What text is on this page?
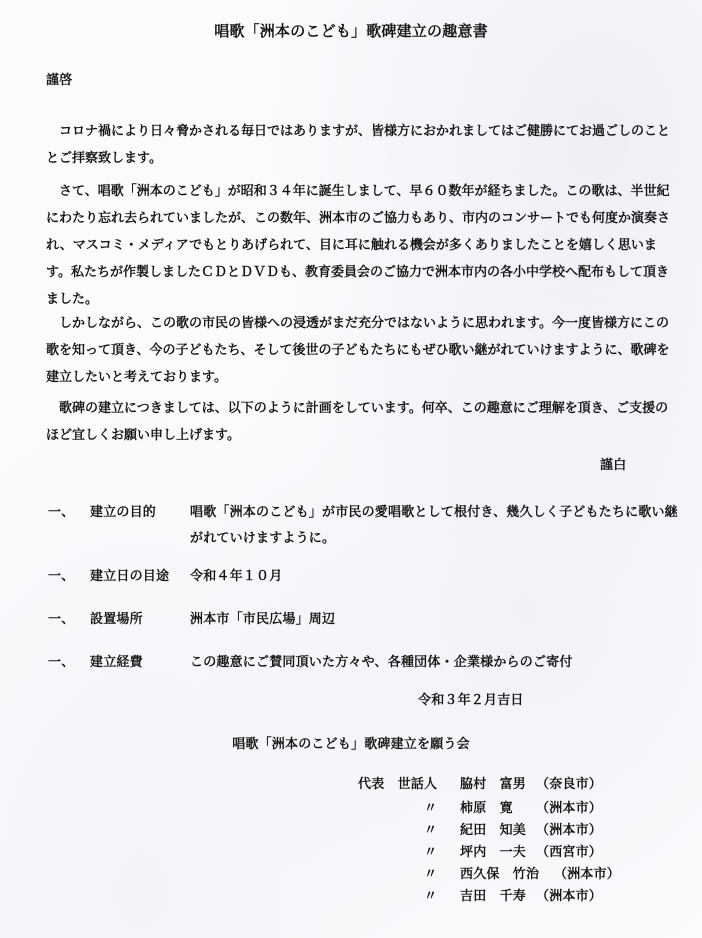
唱歌「洲本のこども」歌碑建立の趣意書
謹啓
　コロナ禍により日々脅かされる毎日ではありますが、皆様方におかれましてはご健勝にてお過ごしのこととご拝察致します。
　さて、唱歌「洲本のこども」が昭和３４年に誕生しまして、早６０数年が経ちました。この歌は、半世紀にわたり忘れ去られていましたが、この数年、洲本市のご協力もあり、市内のコンサートでも何度か演奏され、マスコミ・メディアでもとりあげられて、目に耳に触れる機会が多くありましたことを嬉しく思います。私たちが作製しましたＣＤとＤＶＤも、教育委員会のご協力で洲本市内の各小中学校へ配布もして頂きました。
　しかしながら、この歌の市民の皆様への浸透がまだ充分ではないように思われます。今一度皆様方にこの歌を知って頂き、今の子どもたち、そして後世の子どもたちにもぜひ歌い継がれていけますように、歌碑を建立したいと考えております。
　歌碑の建立につきましては、以下のように計画をしています。何卒、この趣意にご理解を頂き、ご支援のほど宜しくお願い申し上げます。
謹白
一、 建立の目的	唱歌「洲本のこども」が市民の愛唱歌として根付き、幾久しく子どもたちに歌い継がれていけますように。
一、 建立日の目途 令和４年１０月
一、 設置場所	洲本市「市民広場」周辺
一、 建立経費	この趣意にご賛同頂いた方々や、各種団体・企業様からのご寄付
令和３年２月吉日
唱歌「洲本のこども」歌碑建立を願う会
代表　世話人 脇村　富男 （奈良市）
〃 柿原　寛 （洲本市）
〃 紀田　知美 （洲本市）
〃 坪内　一夫 （西宮市）
〃 西久保　竹治 （洲本市）
〃 吉田　千寿 （洲本市）
